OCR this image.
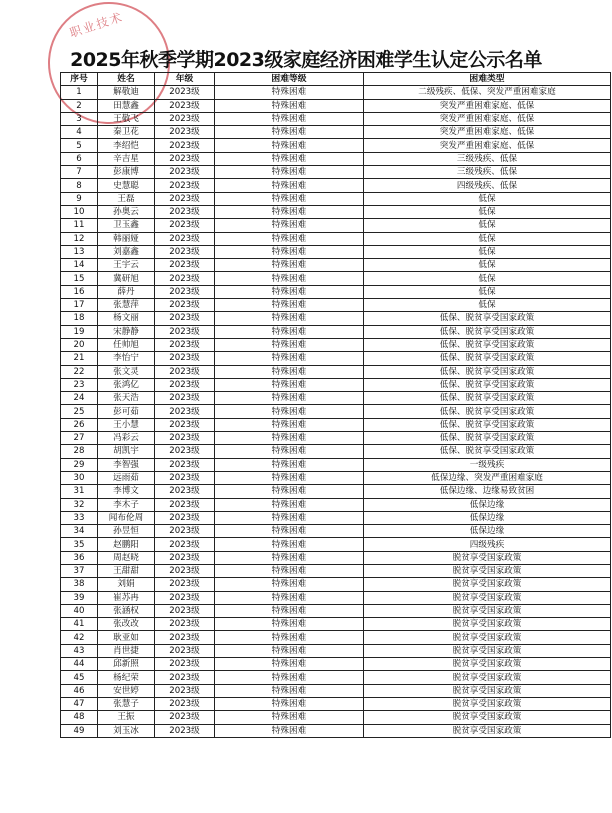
职业技术
2025年秋季学期2023级家庭经济困难学生认定公示名单
序号	姓名	年级	困难等级	困难类型
1	解敬迪	2023级	特殊困难	二级残疾、低保、突发严重困难家庭
2	田慧鑫	2023级	特殊困难	突发严重困难家庭、低保
3	王敬飞	2023级	特殊困难	突发严重困难家庭、低保
4	秦卫花	2023级	特殊困难	突发严重困难家庭、低保
5	李绍恺	2023级	特殊困难	突发严重困难家庭、低保
6	辛吉星	2023级	特殊困难	三级残疾、低保
7	彭康博	2023级	特殊困难	三级残疾、低保
8	史慧聪	2023级	特殊困难	四级残疾、低保
9	王磊	2023级	特殊困难	低保
10	孙奥云	2023级	特殊困难	低保
11	卫玉鑫	2023级	特殊困难	低保
12	韩丽娅	2023级	特殊困难	低保
13	刘嘉鑫	2023级	特殊困难	低保
14	王宇云	2023级	特殊困难	低保
15	冀研旭	2023级	特殊困难	低保
16	薛丹	2023级	特殊困难	低保
17	张慧萍	2023级	特殊困难	低保
18	杨文丽	2023级	特殊困难	低保、脱贫享受国家政策
19	宋静静	2023级	特殊困难	低保、脱贫享受国家政策
20	任帅旭	2023级	特殊困难	低保、脱贫享受国家政策
21	李怡宁	2023级	特殊困难	低保、脱贫享受国家政策
22	张文灵	2023级	特殊困难	低保、脱贫享受国家政策
23	张鸿亿	2023级	特殊困难	低保、脱贫享受国家政策
24	张天浩	2023级	特殊困难	低保、脱贫享受国家政策
25	彭可茹	2023级	特殊困难	低保、脱贫享受国家政策
26	王小慧	2023级	特殊困难	低保、脱贫享受国家政策
27	冯彩云	2023级	特殊困难	低保、脱贫享受国家政策
28	胡凯宇	2023级	特殊困难	低保、脱贫享受国家政策
29	李智强	2023级	特殊困难	一级残疾
30	远雨茹	2023级	特殊困难	低保边缘、突发严重困难家庭
31	李博文	2023级	特殊困难	低保边缘、边缘易致贫困
32	李木子	2023级	特殊困难	低保边缘
33	闻布伦周	2023级	特殊困难	低保边缘
34	孙昱恒	2023级	特殊困难	低保边缘
35	赵鹏阳	2023级	特殊困难	四级残疾
36	周赵晓	2023级	特殊困难	脱贫享受国家政策
37	王甜甜	2023级	特殊困难	脱贫享受国家政策
38	刘娟	2023级	特殊困难	脱贫享受国家政策
39	崔苏冉	2023级	特殊困难	脱贫享受国家政策
40	张涵权	2023级	特殊困难	脱贫享受国家政策
41	张改改	2023级	特殊困难	脱贫享受国家政策
42	耿亚如	2023级	特殊困难	脱贫享受国家政策
43	肖世捷	2023级	特殊困难	脱贫享受国家政策
44	邱新照	2023级	特殊困难	脱贫享受国家政策
45	杨纪荣	2023级	特殊困难	脱贫享受国家政策
46	安世婷	2023级	特殊困难	脱贫享受国家政策
47	张慧子	2023级	特殊困难	脱贫享受国家政策
48	王振	2023级	特殊困难	脱贫享受国家政策
49	刘玉冰	2023级	特殊困难	脱贫享受国家政策
